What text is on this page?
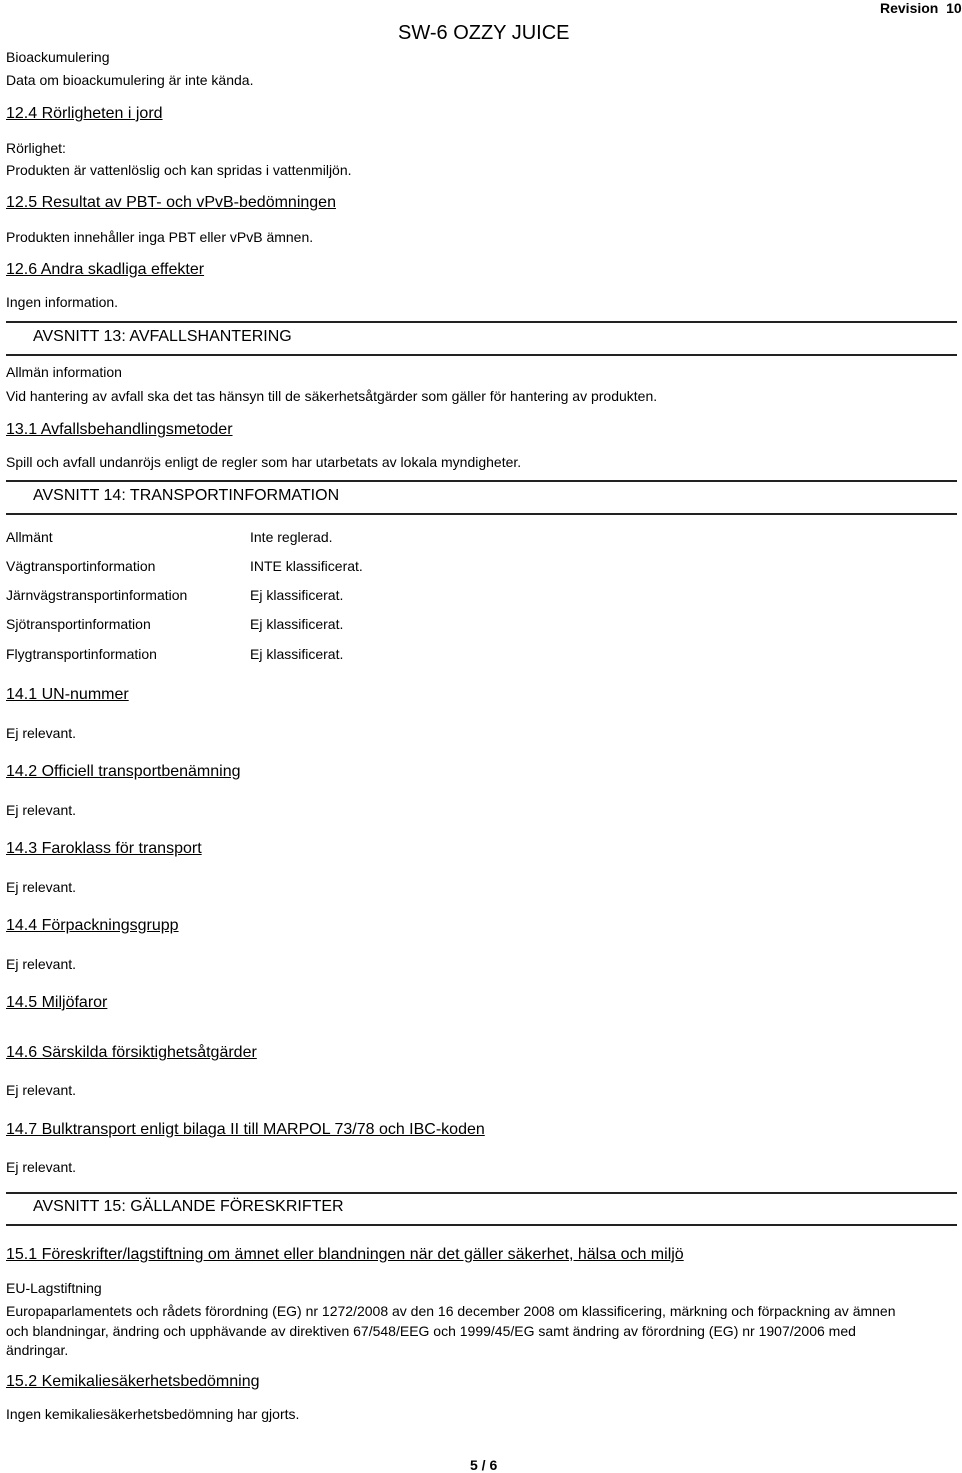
Revision 10
SW-6 OZZY JUICE
Bioackumulering
Data om bioackumulering är inte kända.
12.4 Rörligheten i jord
Rörlighet:
Produkten är vattenlöslig och kan spridas i vattenmiljön.
12.5 Resultat av PBT- och vPvB-bedömningen
Produkten innehåller inga PBT eller vPvB ämnen.
12.6 Andra skadliga effekter
Ingen information.
AVSNITT 13: AVFALLSHANTERING
Allmän information
Vid hantering av avfall ska det tas hänsyn till de säkerhetsåtgärder som gäller för hantering av produkten.
13.1 Avfallsbehandlingsmetoder
Spill och avfall undanröjs enligt de regler som har utarbetats av lokala myndigheter.
AVSNITT 14: TRANSPORTINFORMATION
Allmänt	Inte reglerad.
Vägtransportinformation	INTE klassificerat.
Järnvägstransportinformation	Ej klassificerat.
Sjötransportinformation	Ej klassificerat.
Flygtransportinformation	Ej klassificerat.
14.1 UN-nummer
Ej relevant.
14.2 Officiell transportbenämning
Ej relevant.
14.3 Faroklass för transport
Ej relevant.
14.4 Förpackningsgrupp
Ej relevant.
14.5 Miljöfaror
14.6 Särskilda försiktighetsåtgärder
Ej relevant.
14.7 Bulktransport enligt bilaga II till MARPOL 73/78 och IBC-koden
Ej relevant.
AVSNITT 15: GÄLLANDE FÖRESKRIFTER
15.1 Föreskrifter/lagstiftning om ämnet eller blandningen när det gäller säkerhet, hälsa och miljö
EU-Lagstiftning
Europaparlamentets och rådets förordning (EG) nr 1272/2008 av den 16 december 2008 om klassificering, märkning och förpackning av ämnen och blandningar, ändring och upphävande av direktiven 67/548/EEG och 1999/45/EG samt ändring av förordning (EG) nr 1907/2006 med ändringar.
15.2 Kemikaliesäkerhetsbedömning
Ingen kemikaliesäkerhetsbedömning har gjorts.
5 / 6
